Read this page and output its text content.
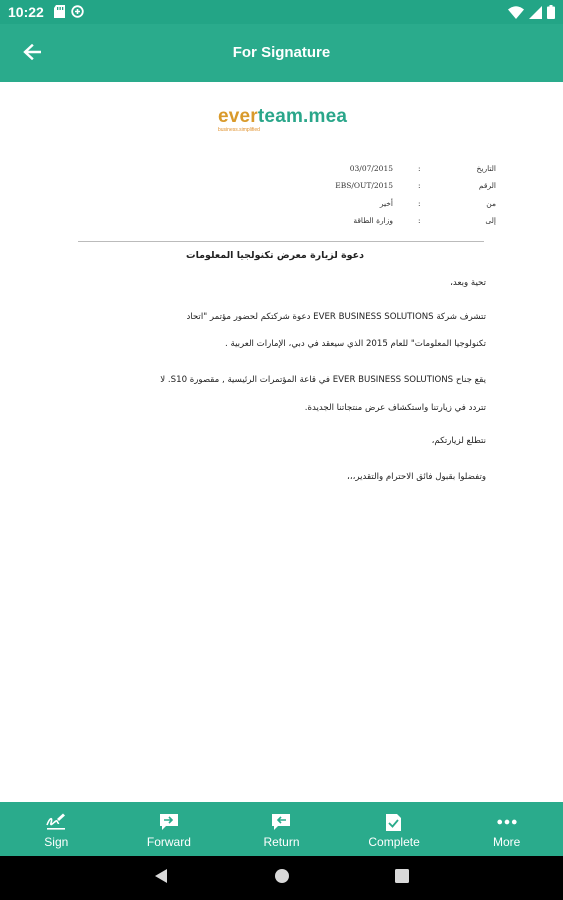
10:22
For Signature
everteam.mea
business.simplified
03/07/2015	:	التاريخ
EBS/OUT/2015	:	الرقم
أخير	:	من
وزارة الطاقة	:	إلى
دعوة لزيارة معرض تكنولجيا المعلومات
تحية وبعد،
تتشرف شركة EVER BUSINESS SOLUTIONS دعوة شركتكم لحضور مؤتمر "اتحاد
تكنولوجيا المعلومات" للعام 2015 الذي سيعقد في دبي، الإمارات العربية .
يقع جناح EVER BUSINESS SOLUTIONS في قاعة المؤتمرات الرئيسية , مقصورة S10. لا
تتردد في زيارتنا واستكشاف عرض منتجاتنا الجديدة.
نتطلع لزيارتكم،
وتفضلوا بقبول فائق الاحترام والتقدير،،،
Sign	Forward	Return	Complete	More
